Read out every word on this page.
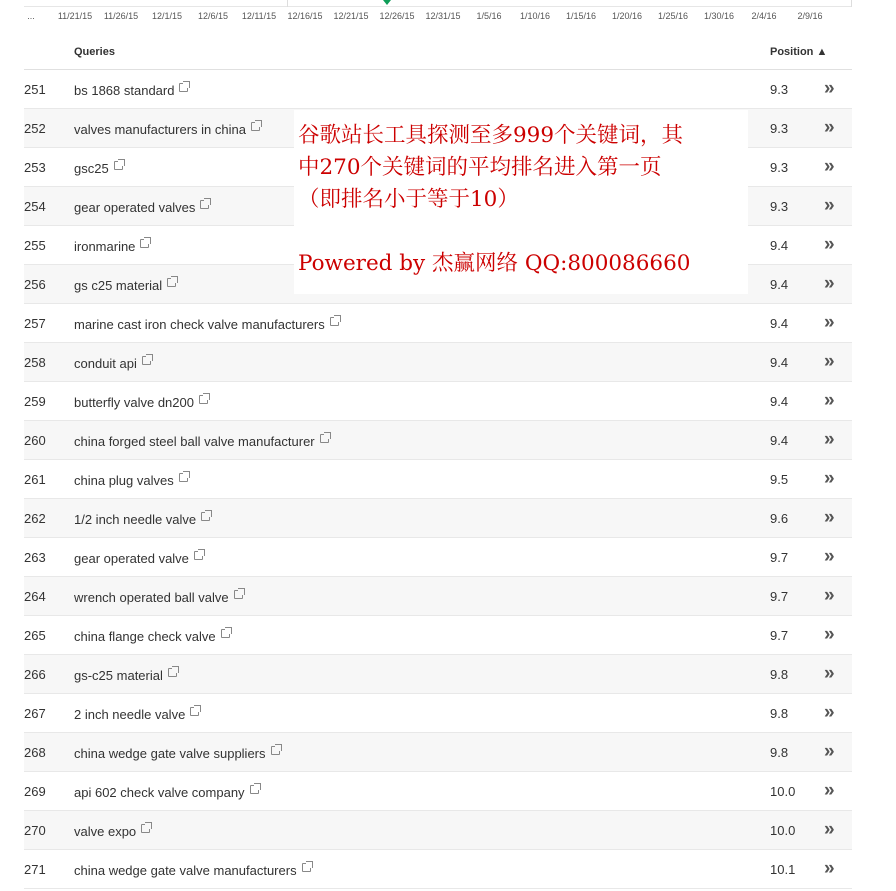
...	11/21/15 11/26/15 12/1/15 12/6/15 12/11/15 12/16/15 12/21/15 12/26/15 12/31/15 1/5/16 1/10/16 1/15/16 1/20/16 1/25/16 1/30/16 2/4/16 2/9/16
Queries	Position ▲
251 bs 1868 standard	9.3 »
252 valves manufacturers in china	9.3 »
253 gsc25	9.3 »
254 gear operated valves	9.3 »
255 ironmarine	9.4 »
256 gs c25 material	9.4 »
257 marine cast iron check valve manufacturers	9.4 »
258 conduit api	9.4 »
259 butterfly valve dn200	9.4 »
260 china forged steel ball valve manufacturer	9.4 »
261 china plug valves	9.5 »
262 1/2 inch needle valve	9.6 »
263 gear operated valve	9.7 »
264 wrench operated ball valve	9.7 »
265 china flange check valve	9.7 »
266 gs-c25 material	9.8 »
267 2 inch needle valve	9.8 »
268 china wedge gate valve suppliers	9.8 »
269 api 602 check valve company	10.0 »
270 valve expo	10.0 »
271 china wedge gate valve manufacturers	10.1 »
谷歌站长工具探测至多999个关键词，其
中270个关键词的平均排名进入第一页
（即排名小于等于10）
Powered by 杰赢网络 QQ:800086660
